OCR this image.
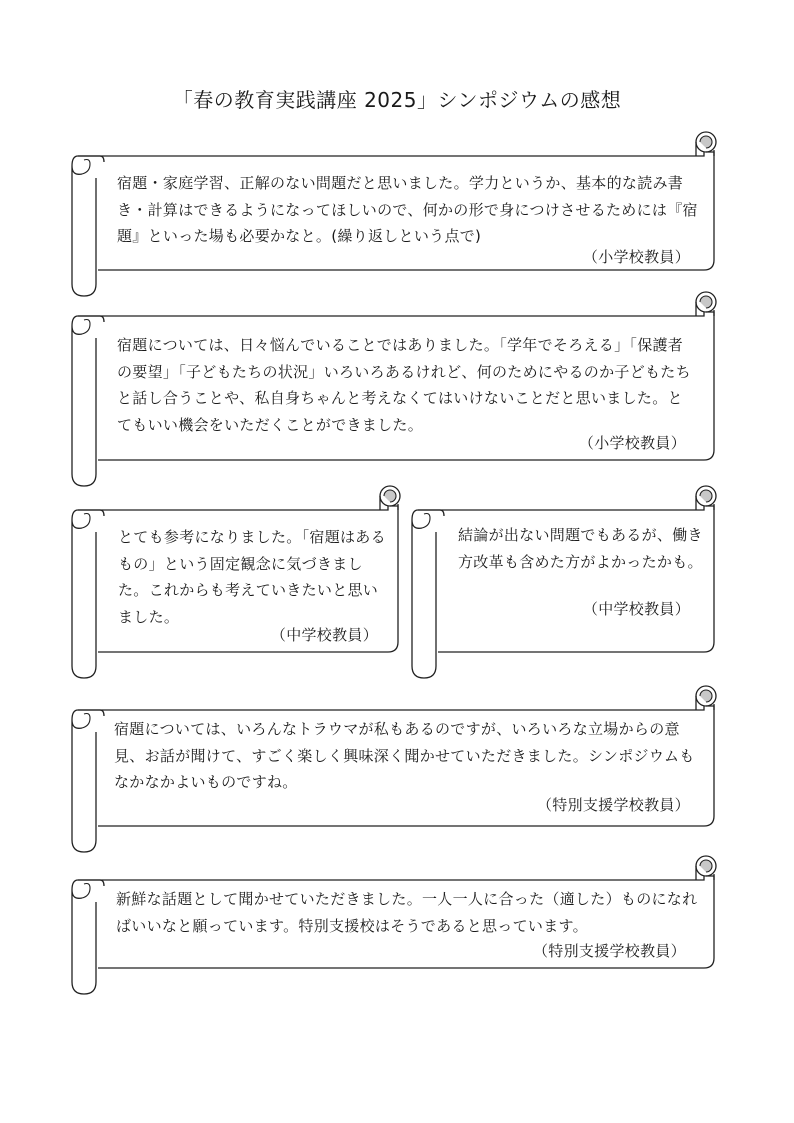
「春の教育実践講座 2025」シンポジウムの感想
宿題・家庭学習、正解のない問題だと思いました。学力というか、基本的な読み書き・計算はできるようになってほしいので、何かの形で身につけさせるためには『宿題』といった場も必要かなと。(繰り返しという点で)
（小学校教員）
宿題については、日々悩んでいることではありました。「学年でそろえる」「保護者の要望」「子どもたちの状況」いろいろあるけれど、何のためにやるのか子どもたちと話し合うことや、私自身ちゃんと考えなくてはいけないことだと思いました。とてもいい機会をいただくことができました。
（小学校教員）
とても参考になりました。「宿題はあるもの」という固定観念に気づきました。これからも考えていきたいと思いました。
（中学校教員）
結論が出ない問題でもあるが、働き方改革も含めた方がよかったかも。
（中学校教員）
宿題については、いろんなトラウマが私もあるのですが、いろいろな立場からの意見、お話が聞けて、すごく楽しく興味深く聞かせていただきました。シンポジウムもなかなかよいものですね。
（特別支援学校教員）
新鮮な話題として聞かせていただきました。一人一人に合った（適した）ものになればいいなと願っています。特別支援校はそうであると思っています。
（特別支援学校教員）
